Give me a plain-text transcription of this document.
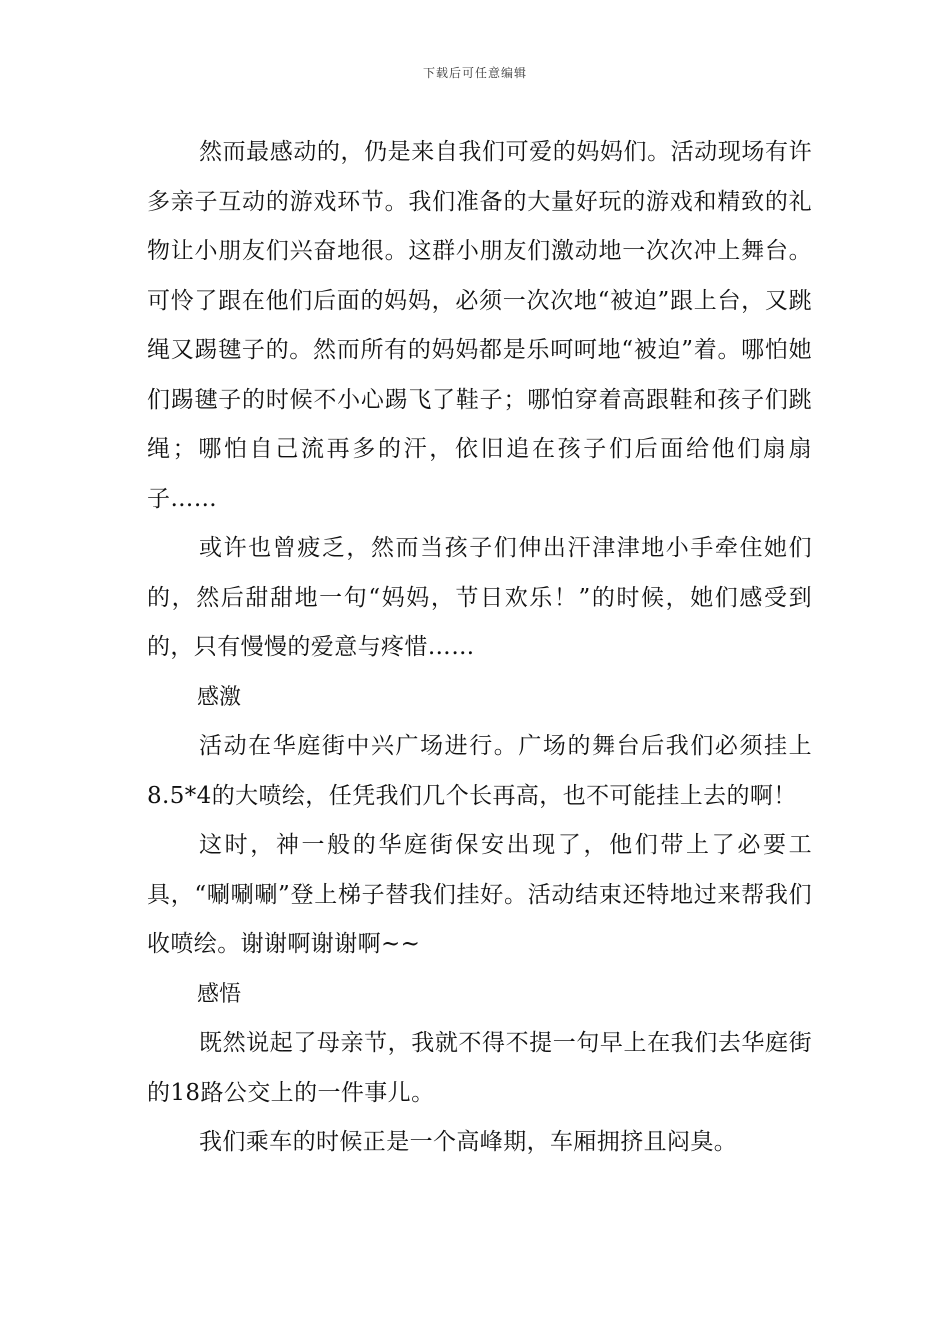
下载后可任意编辑

然而最感动的，仍是来自我们可爱的妈妈们。活动现场有许多亲子互动的游戏环节。我们准备的大量好玩的游戏和精致的礼物让小朋友们兴奋地很。这群小朋友们激动地一次次冲上舞台。可怜了跟在他们后面的妈妈，必须一次次地“被迫”跟上台，又跳绳又踢毽子的。然而所有的妈妈都是乐呵呵地“被迫”着。哪怕她们踢毽子的时候不小心踢飞了鞋子；哪怕穿着高跟鞋和孩子们跳绳；哪怕自己流再多的汗，依旧追在孩子们后面给他们扇扇子……

或许也曾疲乏，然而当孩子们伸出汗津津地小手牵住她们的，然后甜甜地一句“妈妈，节日欢乐！”的时候，她们感受到的，只有慢慢的爱意与疼惜……

感激

活动在华庭街中兴广场进行。广场的舞台后我们必须挂上8.5*4的大喷绘，任凭我们几个长再高，也不可能挂上去的啊！

这时，神一般的华庭街保安出现了，他们带上了必要工具，“唰唰唰”登上梯子替我们挂好。活动结束还特地过来帮我们收喷绘。谢谢啊谢谢啊~~

感悟

既然说起了母亲节，我就不得不提一句早上在我们去华庭街的18路公交上的一件事儿。

我们乘车的时候正是一个高峰期，车厢拥挤且闷臭。
